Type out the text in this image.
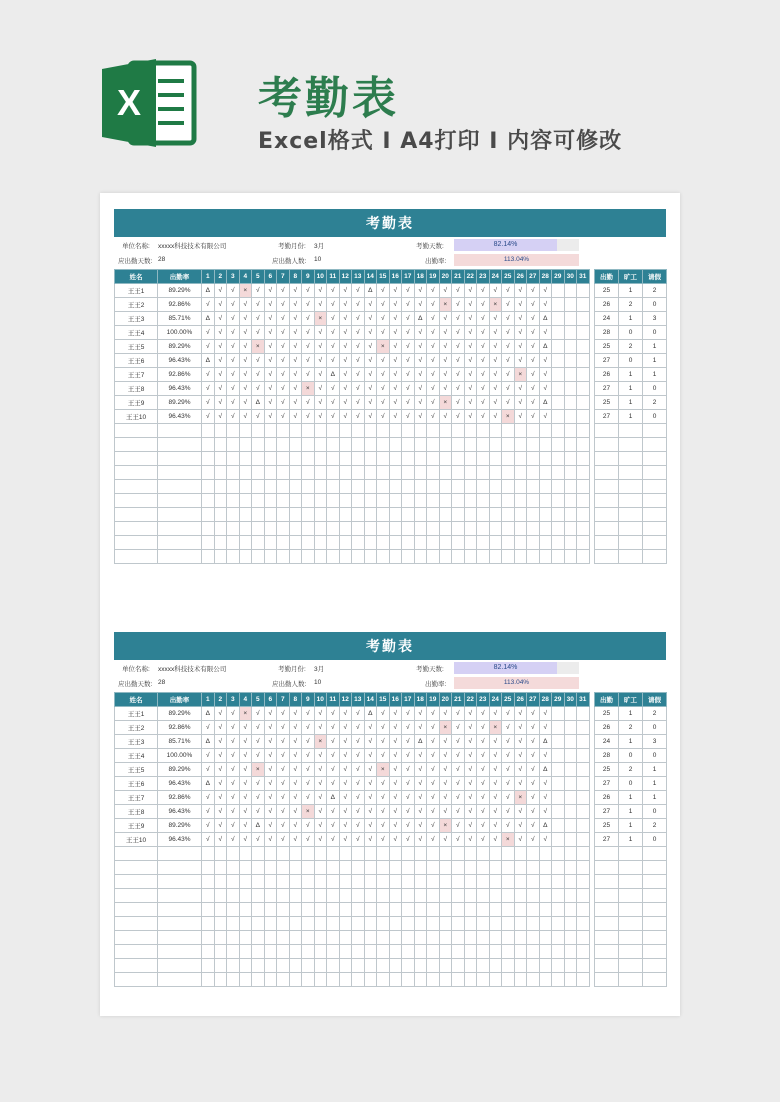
X	考勤表
Excel格式 I A4打印 I 内容可修改
考勤表
单位名称: xxxxx科技技术有限公司	考勤月份: 3月	考勤天数:	82.14%
应出勤天数: 28	应出勤人数: 10	出勤率:	113.04%
姓名	出勤率	1	2	3	4	5	6	7	8	9	10	11	12	13	14	15	16	17	18	19	20	21	22	23	24	25	26	27	28	29	30	31
王王1	89.29%	Δ	√	√	×	√	√	√	√	√	√	√	√	√	Δ	√	√	√	√	√	√	√	√	√	√	√	√	√	√			
王王2	92.86%	√	√	√	√	√	√	√	√	√	√	√	√	√	√	√	√	√	√	√	×	√	√	√	×	√	√	√	√			
王王3	85.71%	Δ	√	√	√	√	√	√	√	√	×	√	√	√	√	√	√	√	Δ	√	√	√	√	√	√	√	√	√	Δ			
王王4	100.00%	√	√	√	√	√	√	√	√	√	√	√	√	√	√	√	√	√	√	√	√	√	√	√	√	√	√	√	√			
王王5	89.29%	√	√	√	√	×	√	√	√	√	√	√	√	√	√	×	√	√	√	√	√	√	√	√	√	√	√	√	Δ			
王王6	96.43%	Δ	√	√	√	√	√	√	√	√	√	√	√	√	√	√	√	√	√	√	√	√	√	√	√	√	√	√	√			
王王7	92.86%	√	√	√	√	√	√	√	√	√	√	Δ	√	√	√	√	√	√	√	√	√	√	√	√	√	√	×	√	√			
王王8	96.43%	√	√	√	√	√	√	√	√	×	√	√	√	√	√	√	√	√	√	√	√	√	√	√	√	√	√	√	√			
王王9	89.29%	√	√	√	√	Δ	√	√	√	√	√	√	√	√	√	√	√	√	√	√	×	√	√	√	√	√	√	√	Δ			
王王10	96.43%	√	√	√	√	√	√	√	√	√	√	√	√	√	√	√	√	√	√	√	√	√	√	√	√	×	√	√	√			

出勤	旷工	请假
25	1	2
26	2	0
24	1	3
28	0	0
25	2	1
27	0	1
26	1	1
27	1	0
25	1	2
27	1	0

考勤表
单位名称: xxxxx科技技术有限公司	考勤月份: 3月	考勤天数:	82.14%
应出勤天数: 28	应出勤人数: 10	出勤率:	113.04%
姓名	出勤率	1	2	3	4	5	6	7	8	9	10	11	12	13	14	15	16	17	18	19	20	21	22	23	24	25	26	27	28	29	30	31
王王1	89.29%	Δ	√	√	×	√	√	√	√	√	√	√	√	√	Δ	√	√	√	√	√	√	√	√	√	√	√	√	√	√			
王王2	92.86%	√	√	√	√	√	√	√	√	√	√	√	√	√	√	√	√	√	√	√	×	√	√	√	×	√	√	√	√			
王王3	85.71%	Δ	√	√	√	√	√	√	√	√	×	√	√	√	√	√	√	√	Δ	√	√	√	√	√	√	√	√	√	Δ			
王王4	100.00%	√	√	√	√	√	√	√	√	√	√	√	√	√	√	√	√	√	√	√	√	√	√	√	√	√	√	√	√			
王王5	89.29%	√	√	√	√	×	√	√	√	√	√	√	√	√	√	×	√	√	√	√	√	√	√	√	√	√	√	√	Δ			
王王6	96.43%	Δ	√	√	√	√	√	√	√	√	√	√	√	√	√	√	√	√	√	√	√	√	√	√	√	√	√	√	√			
王王7	92.86%	√	√	√	√	√	√	√	√	√	√	Δ	√	√	√	√	√	√	√	√	√	√	√	√	√	√	×	√	√			
王王8	96.43%	√	√	√	√	√	√	√	√	×	√	√	√	√	√	√	√	√	√	√	√	√	√	√	√	√	√	√	√			
王王9	89.29%	√	√	√	√	Δ	√	√	√	√	√	√	√	√	√	√	√	√	√	√	×	√	√	√	√	√	√	√	Δ			
王王10	96.43%	√	√	√	√	√	√	√	√	√	√	√	√	√	√	√	√	√	√	√	√	√	√	√	√	×	√	√	√			

出勤	旷工	请假
25	1	2
26	2	0
24	1	3
28	0	0
25	2	1
27	0	1
26	1	1
27	1	0
25	1	2
27	1	0
